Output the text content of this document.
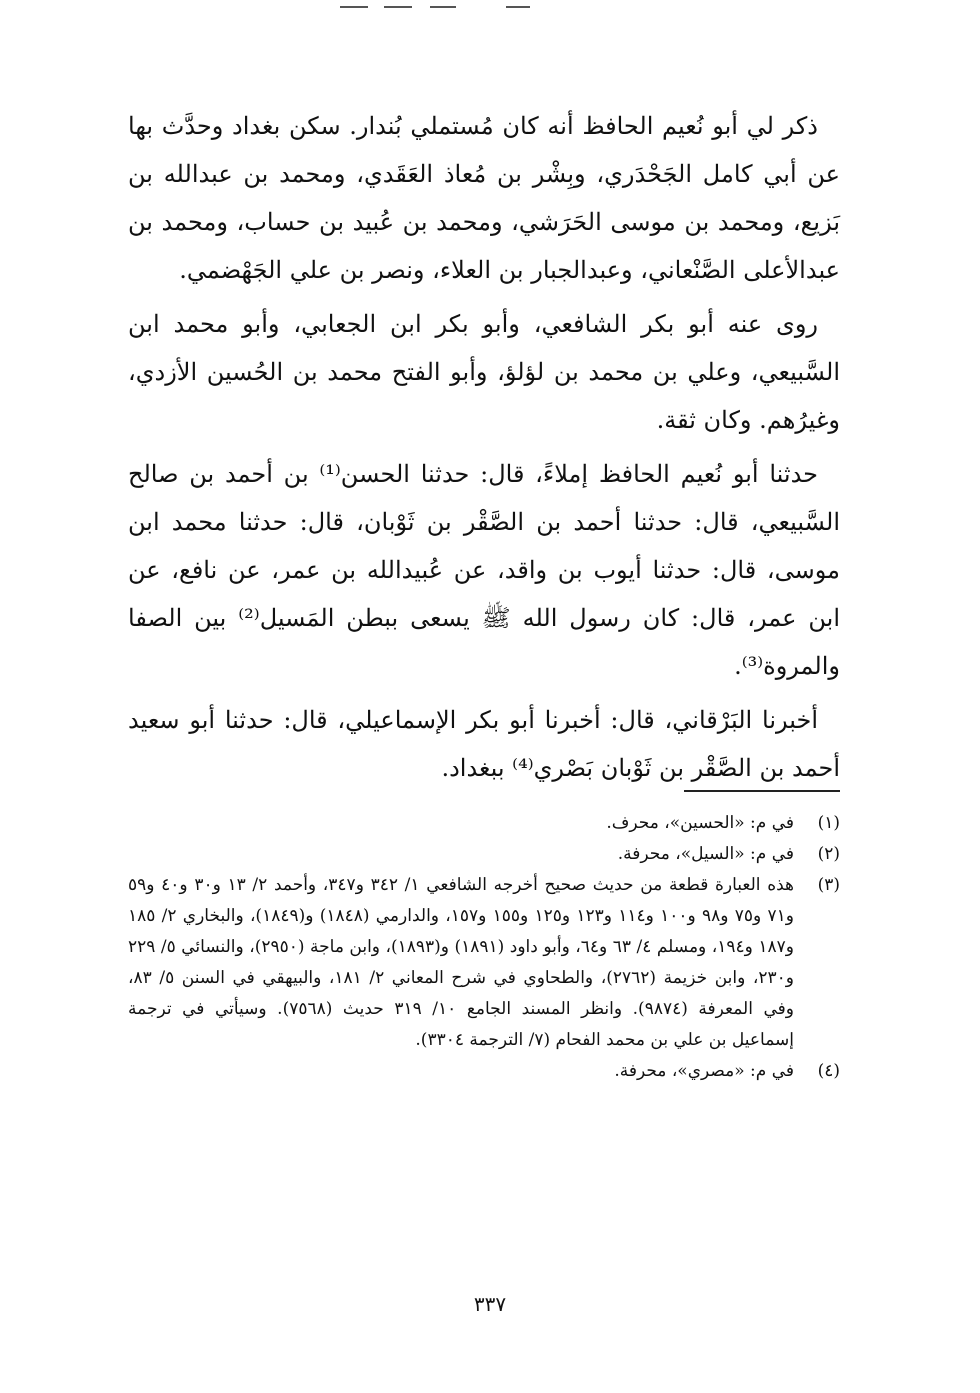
ذكر لي أبو نُعيم الحافظ أنه كان مُستملي بُندار. سكن بغداد وحدَّث بها عن أبي كامل الجَحْدَري، وبِشْر بن مُعاذ العَقَدي، ومحمد بن عبدالله بن بَزيع، ومحمد بن موسى الحَرَشي، ومحمد بن عُبيد بن حساب، ومحمد بن عبدالأعلى الصَّنْعاني، وعبدالجبار بن العلاء، ونصر بن علي الجَهْضمي.

روى عنه أبو بكر الشافعي، وأبو بكر ابن الجعابي، وأبو محمد ابن السَّبيعي، وعلي بن محمد بن لؤلؤ، وأبو الفتح محمد بن الحُسين الأزدي، وغيرُهم. وكان ثقة.

حدثنا أبو نُعيم الحافظ إملاءً، قال: حدثنا الحسن⁽¹⁾ بن أحمد بن صالح السَّبيعي، قال: حدثنا أحمد بن الصَّقْر بن ثَوْبان، قال: حدثنا محمد ابن موسى، قال: حدثنا أيوب بن واقد، عن عُبيدالله بن عمر، عن نافع، عن ابن عمر، قال: كان رسول الله ﷺ يسعى ببطن المَسيل⁽²⁾ بين الصفا والمروة⁽³⁾.

أخبرنا البَرْقاني، قال: أخبرنا أبو بكر الإسماعيلي، قال: حدثنا أبو سعيد أحمد بن الصَّقْر بن ثَوْبان بَصْري⁽⁴⁾ ببغداد.

(١)
في م: «الحسين»، محرف.
(٢)
في م: «السيل»، محرفة.
(٣)
هذه العبارة قطعة من حديث صحيح أخرجه الشافعي ١/ ٣٤٢ و٣٤٧، وأحمد ٢/ ١٣ و٣٠ و٤٠ و٥٩ و٧١ و٧٥ و٩٨ و١٠٠ و١١٤ و١٢٣ و١٢٥ و١٥٥ و١٥٧، والدارمي (١٨٤٨) و(١٨٤٩)، والبخاري ٢/ ١٨٥ و١٨٧ و١٩٤، ومسلم ٤/ ٦٣ و٦٤، وأبو داود (١٨٩١) و(١٨٩٣)، وابن ماجة (٢٩٥٠)، والنسائي ٥/ ٢٢٩ و٢٣٠، وابن خزيمة (٢٧٦٢)، والطحاوي في شرح المعاني ٢/ ١٨١، والبيهقي في السنن ٥/ ٨٣، وفي المعرفة (٩٨٧٤). وانظر المسند الجامع ١٠/ ٣١٩ حديث (٧٥٦٨). وسيأتي في ترجمة إسماعيل بن علي بن محمد الفحام (٧/ الترجمة ٣٣٠٤).
(٤)
في م: «مصري»، محرفة.
٣٣٧
